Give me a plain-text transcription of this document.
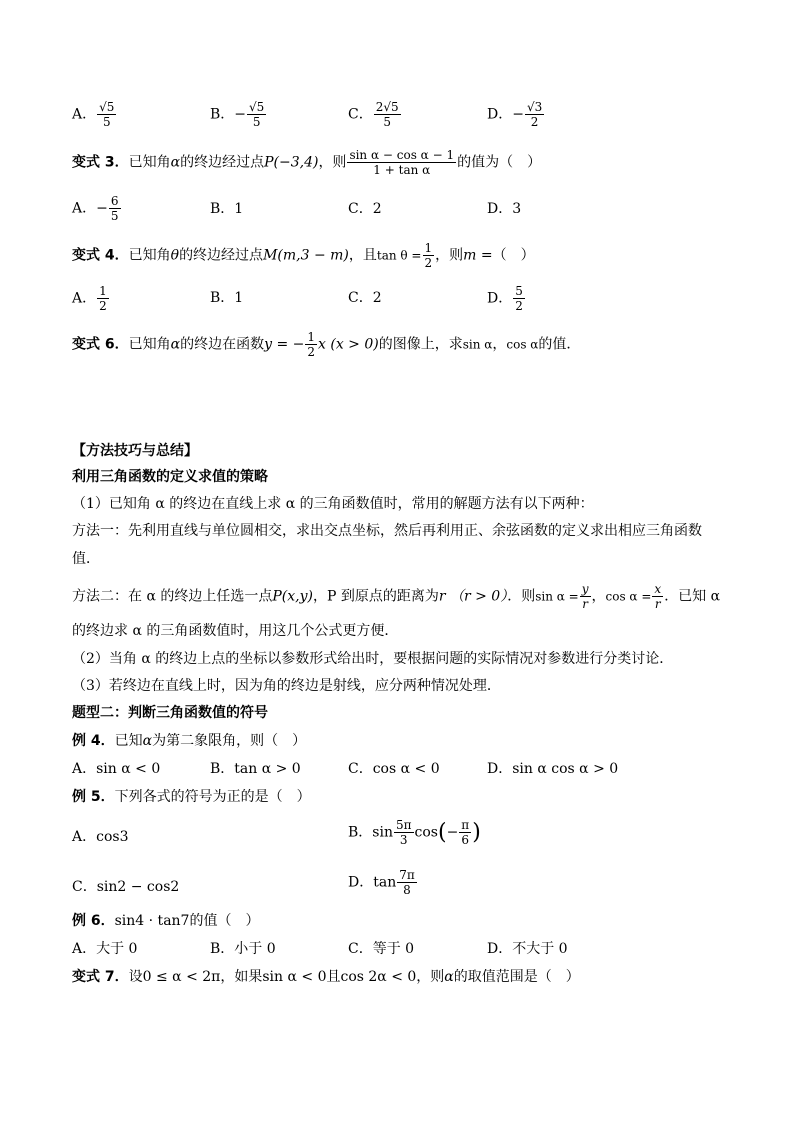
A． $\frac{√5}{5}$	B．− $\frac{√5}{5}$	C． $\frac{2√5}{5}$	D．− $\frac{√3}{2}$
变式 3．已知角α的终边经过点P(−3,4)，则 $\frac{\text{sin α − cos α − 1}}{\text{1 + tan α}}$ 的值为（　）
A．− $\frac{6}{5}$	B．1	C．2	D．3
变式 4．已知角θ的终边经过点M(m,3 − m)，且$\tan \theta = \frac{1}{2}$ ，则m =（　）
A． $\frac{1}{2}$	B．1	C．2	D． $\frac{5}{2}$
变式 6．已知角α的终边在函数y = − $\frac{1}{2}$ x (x > 0)的图像上，求sin α，cos α的值．
【方法技巧与总结】
利用三角函数的定义求值的策略
（1）已知角 α 的终边在直线上求 α 的三角函数值时，常用的解题方法有以下两种：
方法一：先利用直线与单位圆相交，求出交点坐标，然后再利用正、余弦函数的定义求出相应三角函数
值．
方法二：在 α 的终边上任选一点P(x,y)，P 到原点的距离为r （r > 0）．则$\sin \alpha = \frac{y}{r}$ ，$\cos \alpha = \frac{x}{r}$ ．已知 α
的终边求 α 的三角函数值时，用这几个公式更方便．
（2）当角 α 的终边上点的坐标以参数形式给出时，要根据问题的实际情况对参数进行分类讨论．
（3）若终边在直线上时，因为角的终边是射线，应分两种情况处理．
题型二：判断三角函数值的符号
例 4．已知α为第二象限角，则（　）
A．sin α < 0	B．tan α > 0	C．cos α < 0	D．sin α cos α > 0
例 5．下列各式的符号为正的是（　）
A．cos3	B．$\sin \frac{5\pi}{3} \cos(- \frac{\pi}{6}$ )
C．sin2 − cos2	D．$\tan \frac{7\pi}{8}$
例 6．sin4 · tan7的值（　）
A．大于 0	B．小于 0	C．等于 0	D．不大于 0
变式 7．设0 ≤ α < 2π，如果sin α < 0且cos 2α < 0，则α的取值范围是（　）
